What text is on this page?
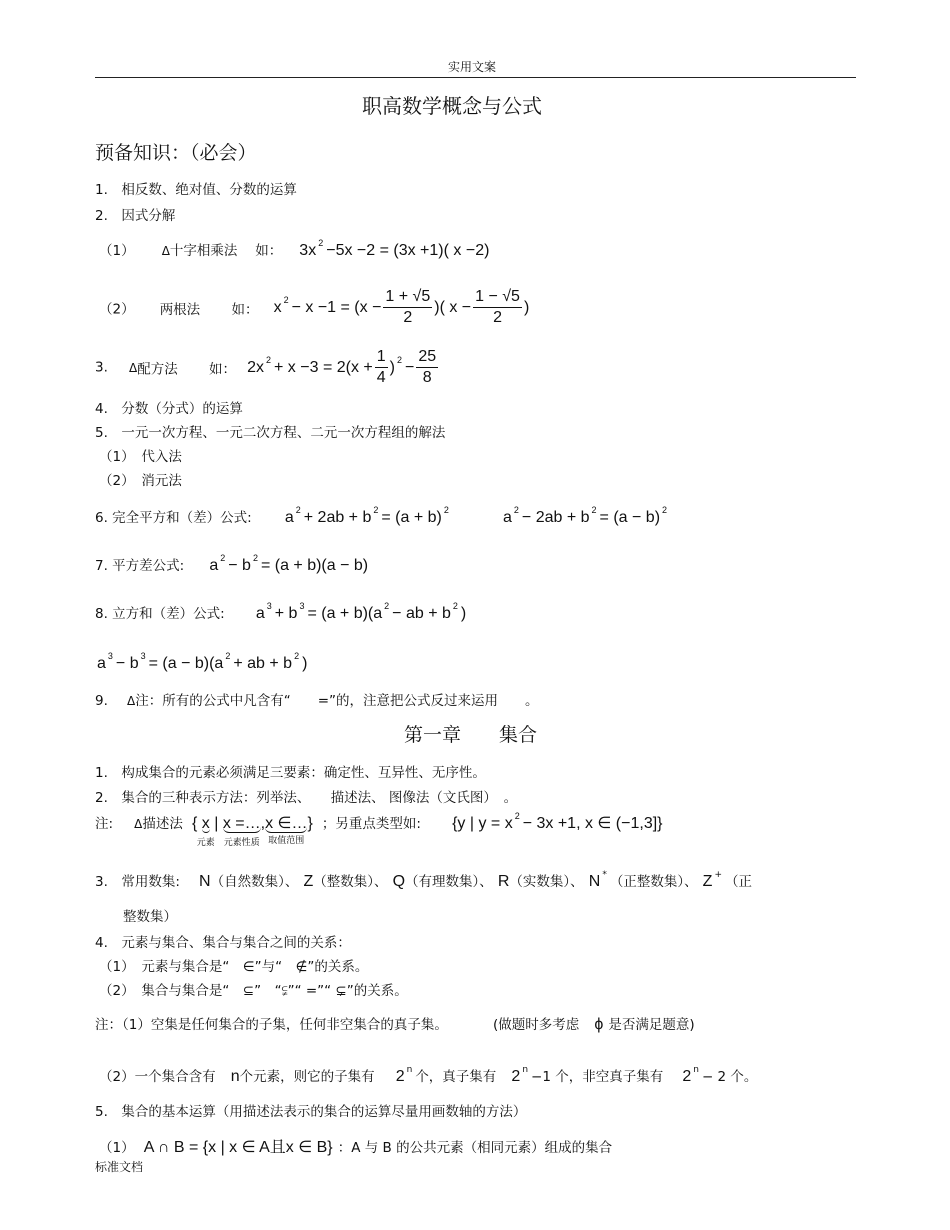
实用文案
职高数学概念与公式
预备知识：（必会）
1.　相反数、绝对值、分数的运算
2.　因式分解
（1） Δ十字相乘法　 如： 3x $^2$ −5x −2 = (3x +1)( x −2)
（2） 两根法　　 如： x $^2 - x -1 = (x - \frac{1 + √5}{2}$ )( $x - \frac{1 - √5}{2}$ )
3. Δ配方法　　 如： 2x $^2 + x -3 = 2(x + \frac{1}{4}$ ) $^2 - \frac{25}{8}$
4.　分数（分式）的运算
5.　一元一次方程、一元二次方程、二元一次方程组的解法
（1）　代入法
（2）　消元法
6. 完全平方和（差）公式: a $^2$ + 2ab + b $^2$ = (a + b) $^2$	a $^2$ − 2ab + b $^2$ = (a − b) $^2$
7. 平方差公式: a $^2$ − b $^2$ = (a + b)(a − b)
8. 立方和（差）公式: a $^3$ + b $^3$ = (a + b)(a $^2$ − ab + b $^2$ )
a $^3$ − b $^3$ = (a − b)(a $^2$ + ab + b $^2$ )
9. Δ注：所有的公式中凡含有“　　=”的，注意把公式反过来运用　　。
第一章　　集合
1.　构成集合的元素必须满足三要素：确定性、互异性、无序性。
2.　集合的三种表示方法：列举法、　　描述法、 图像法（文氏图）　。
注: Δ描述法 { x
元素
| x =…
元素性质
,x ∈…
取值范围
} ；另重点类型如: {y | y = x $^2$ − 3x +1, x ∈ (−1,3]}
3.　常用数集: N（自然数集）、 Z（整数集）、 Q（有理数集）、 R（实数集）、 N * （正整数集）、 Z + （正
整数集）
4.　元素与集合、集合与集合之间的关系：
（1）　元素与集合是“　∈”与“　∉”的关系。
（2）　集合与集合是“　⊆”　“⫋”“ =”“ ⊊”的关系。
注：（1）空集是任何集合的子集，任何非空集合的真子集。	(做题时多考虑 ϕ 是否满足题意)
（2）一个集合含有 n个元素，则它的子集有 2 $^n$ 个，真子集有 2 $^n$ −1 个，非空真子集有 2 $^n$ − 2 个。
5.　集合的基本运算（用描述法表示的集合的运算尽量用画数轴的方法）
（1） A ∩ B = {x | x ∈ A且x ∈ B} ：A 与 B 的公共元素（相同元素）组成的集合
标准文档
